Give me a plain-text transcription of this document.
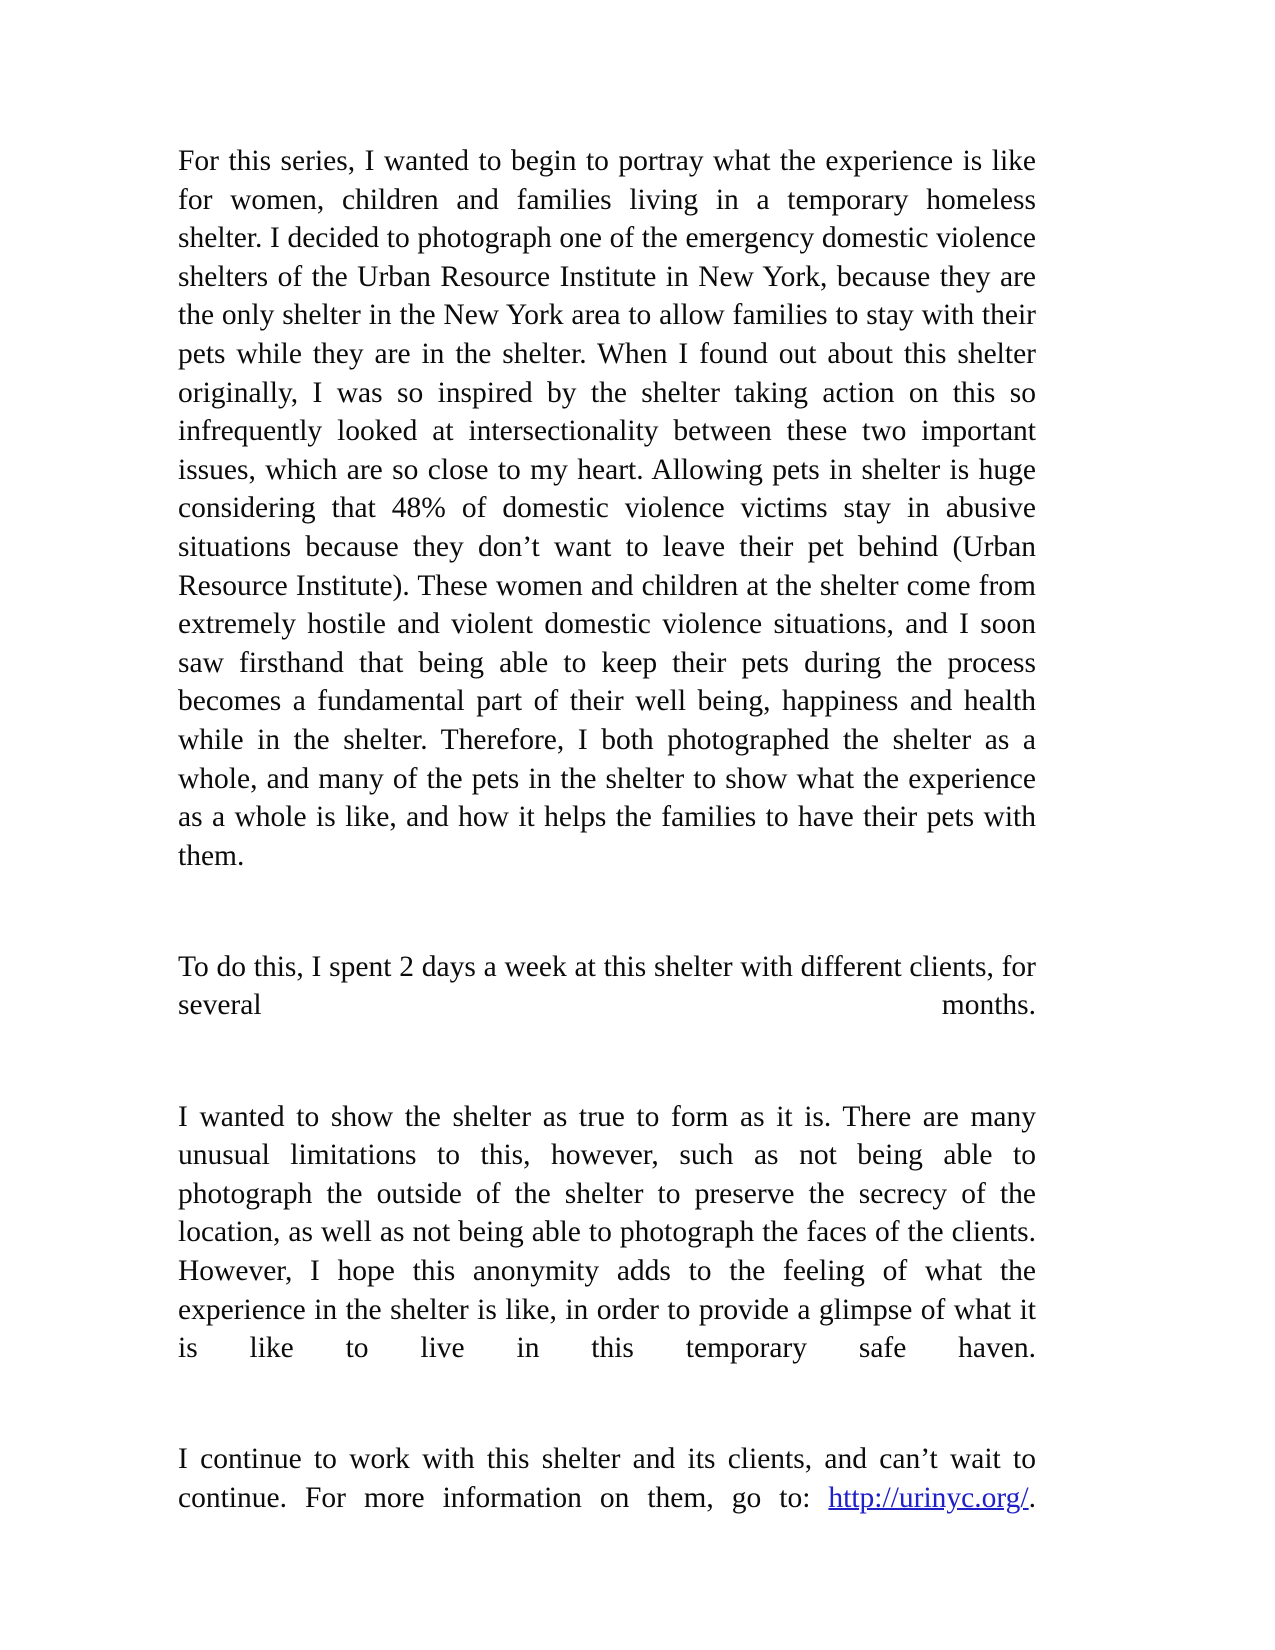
For this series, I wanted to begin to portray what the experience is like for women, children and families living in a temporary homeless shelter. I decided to photograph one of the emergency domestic violence shelters of the Urban Resource Institute in New York, because they are the only shelter in the New York area to allow families to stay with their pets while they are in the shelter. When I found out about this shelter originally, I was so inspired by the shelter taking action on this so infrequently looked at intersectionality between these two important issues, which are so close to my heart. Allowing pets in shelter is huge considering that 48% of domestic violence victims stay in abusive situations because they don’t want to leave their pet behind (Urban Resource Institute). These women and children at the shelter come from extremely hostile and violent domestic violence situations, and I soon saw firsthand that being able to keep their pets during the process becomes a fundamental part of their well being, happiness and health while in the shelter. Therefore, I both photographed the shelter as a whole, and many of the pets in the shelter to show what the experience as a whole is like, and how it helps the families to have their pets with them.

To do this, I spent 2 days a week at this shelter with different clients, for several months.

I wanted to show the shelter as true to form as it is. There are many unusual limitations to this, however, such as not being able to photograph the outside of the shelter to preserve the secrecy of the location, as well as not being able to photograph the faces of the clients. However, I hope this anonymity adds to the feeling of what the experience in the shelter is like, in order to provide a glimpse of what it is like to live in this temporary safe haven.

I continue to work with this shelter and its clients, and can’t wait to continue. For more information on them, go to: http://urinyc.org/.
